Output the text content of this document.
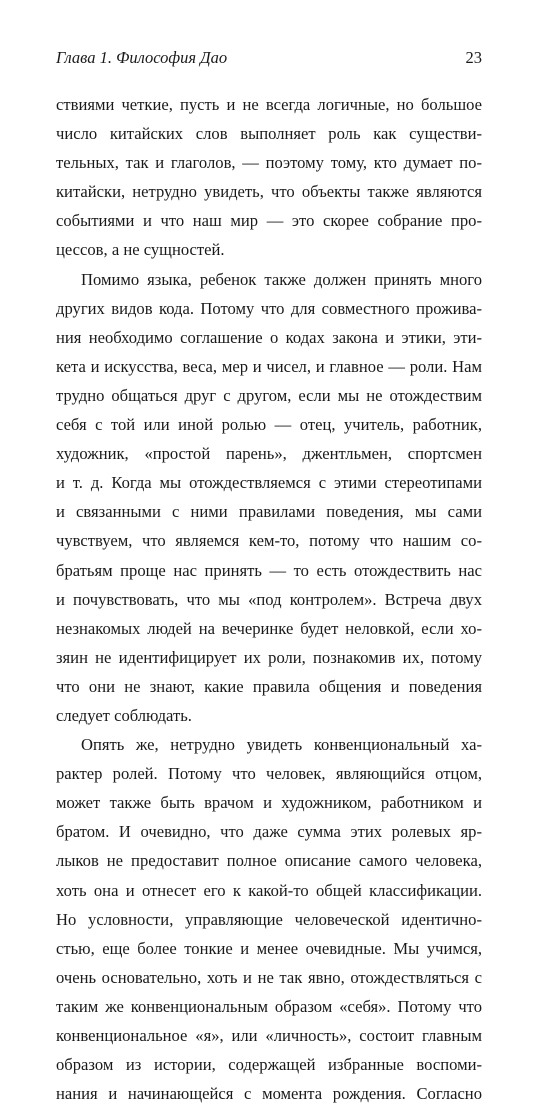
Глава 1. Философия Дао	23
ствиями четкие, пусть и не всегда логичные, но большое
число китайских слов выполняет роль как существи-
тельных, так и глаголов, — поэтому тому, кто думает по-
китайски, нетрудно увидеть, что объекты также являются
событиями и что наш мир — это скорее собрание про-
цессов, а не сущностей.
Помимо языка, ребенок также должен принять много
других видов кода. Потому что для совместного прожива-
ния необходимо соглашение о кодах закона и этики, эти-
кета и искусства, веса, мер и чисел, и главное — роли. Нам
трудно общаться друг с другом, если мы не отождествим
себя с той или иной ролью — отец, учитель, работник,
художник, «простой парень», джентльмен, спортсмен
и т. д. Когда мы отождествляемся с этими стереотипами
и связанными с ними правилами поведения, мы сами
чувствуем, что являемся кем-то, потому что нашим со-
братьям проще нас принять — то есть отождествить нас
и почувствовать, что мы «под контролем». Встреча двух
незнакомых людей на вечеринке будет неловкой, если хо-
зяин не идентифицирует их роли, познакомив их, потому
что они не знают, какие правила общения и поведения
следует соблюдать.
Опять же, нетрудно увидеть конвенциональный ха-
рактер ролей. Потому что человек, являющийся отцом,
может также быть врачом и художником, работником и
братом. И очевидно, что даже сумма этих ролевых яр-
лыков не предоставит полное описание самого человека,
хоть она и отнесет его к какой-то общей классификации.
Но условности, управляющие человеческой идентично-
стью, еще более тонкие и менее очевидные. Мы учимся,
очень основательно, хоть и не так явно, отождествляться с
таким же конвенциональным образом «себя». Потому что
конвенциональное «я», или «личность», состоит главным
образом из истории, содержащей избранные воспоми-
нания и начинающейся с момента рождения. Согласно
